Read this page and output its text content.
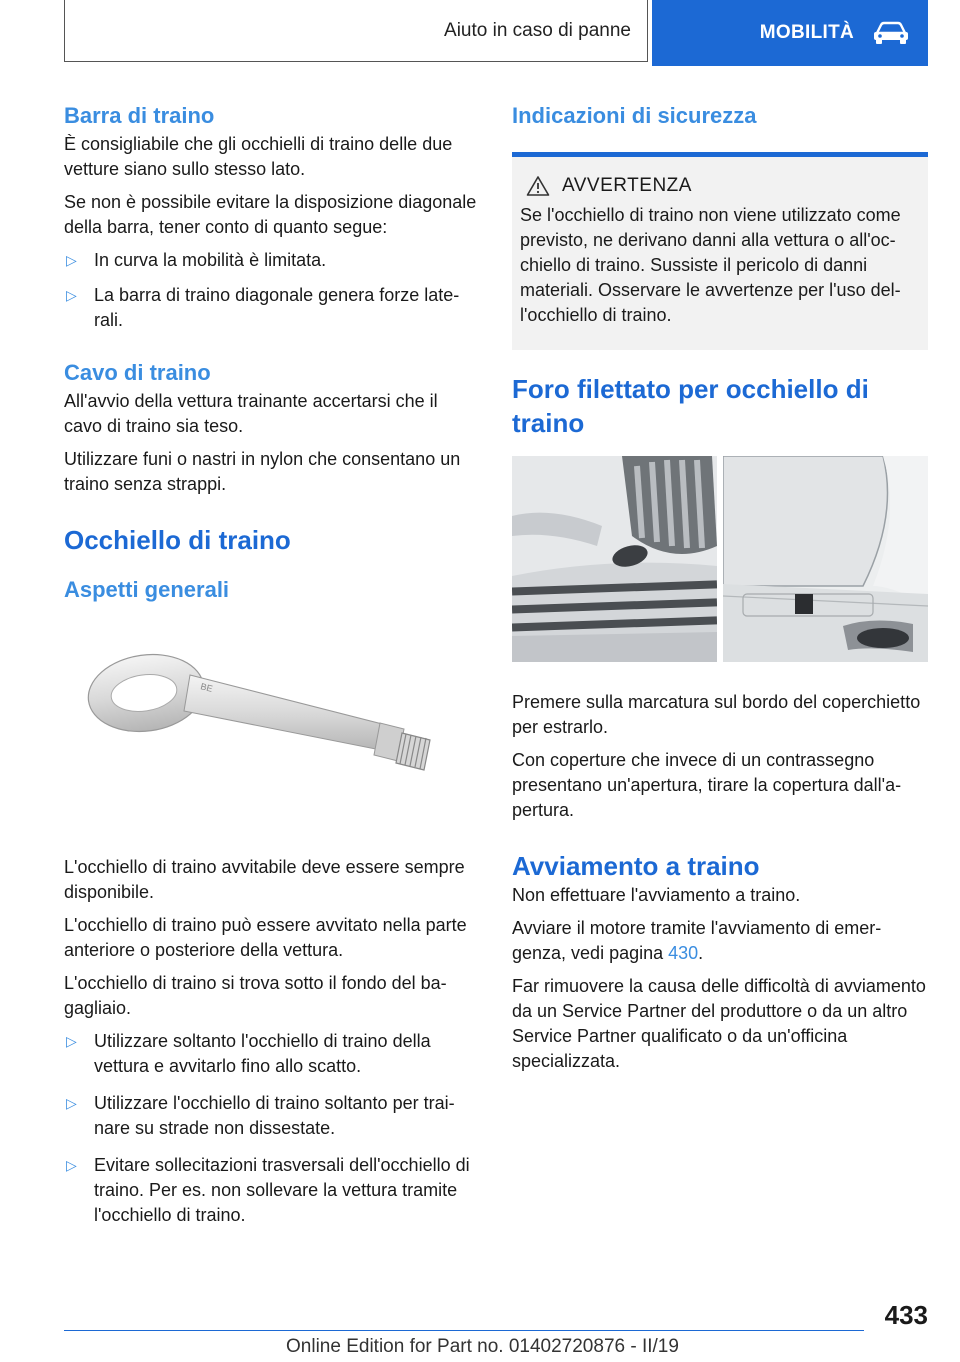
Aiuto in caso di panne	MOBILITÀ
Barra di traino

È consigliabile che gli occhielli di traino delle due vetture siano sullo stesso lato.

Se non è possibile evitare la disposizione diagonale della barra, tener conto di quanto segue:

▷ In curva la mobilità è limitata.
▷ La barra di traino diagonale genera forze laterali.
Cavo di traino

All'avvio della vettura trainante accertarsi che il cavo di traino sia teso.

Utilizzare funi o nastri in nylon che consentano un traino senza strappi.

Occhiello di traino
Aspetti generali
BE

L'occhiello di traino avvitabile deve essere sempre disponibile.

L'occhiello di traino può essere avvitato nella parte anteriore o posteriore della vettura.

L'occhiello di traino si trova sotto il fondo del bagagliaio.

▷ Utilizzare soltanto l'occhiello di traino della vettura e avvitarlo fino allo scatto.
▷ Utilizzare l'occhiello di traino soltanto per trainare su strade non dissestate.
▷ Evitare sollecitazioni trasversali dell'occhiello di traino. Per es. non sollevare la vettura tramite l'occhiello di traino.
Indicazioni di sicurezza
AVVERTENZA

Se l'occhiello di traino non viene utilizzato come previsto, ne derivano danni alla vettura o all'occhiello di traino. Sussiste il pericolo di danni materiali. Osservare le avvertenze per l'uso dell'occhiello di traino.

Foro filettato per occhiello di traino

Premere sulla marcatura sul bordo del coperchietto per estrarlo.

Con coperture che invece di un contrassegno presentano un'apertura, tirare la copertura dall'apertura.

Avviamento a traino

Non effettuare l'avviamento a traino.

Avviare il motore tramite l'avviamento di emergenza, vedi pagina 430.

Far rimuovere la causa delle difficoltà di avviamento da un Service Partner del produttore o da un altro Service Partner qualificato o da un'officina specializzata.

433
Online Edition for Part no. 01402720876 - II/19
